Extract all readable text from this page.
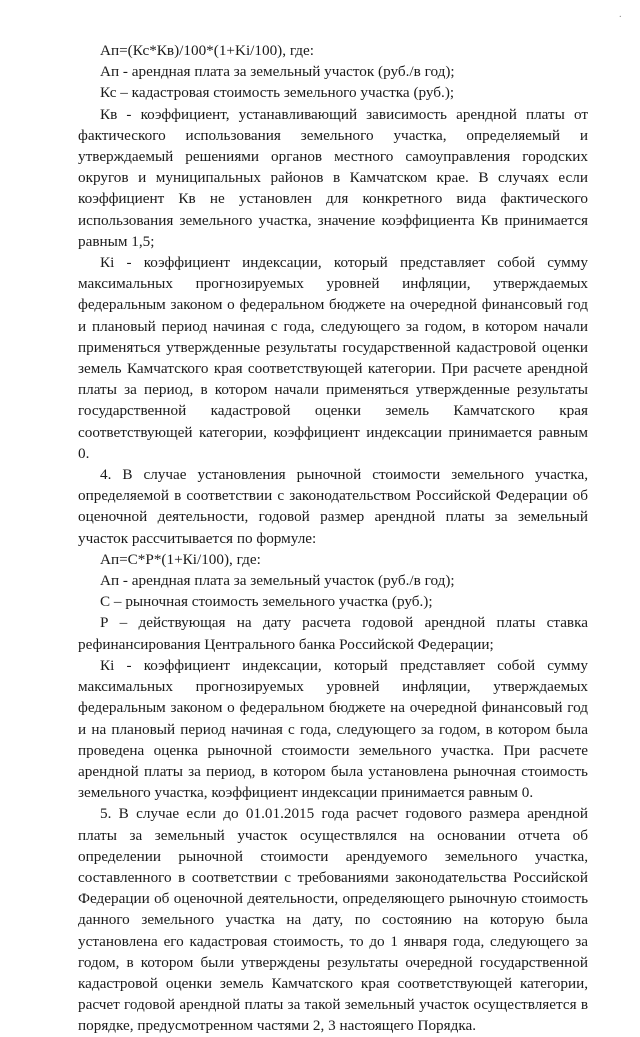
·

Ап=(Кс*Кв)/100*(1+Ki/100), где:

Ап - арендная плата за земельный участок (руб./в год);

Кс – кадастровая стоимость земельного участка (руб.);

Кв - коэффициент, устанавливающий зависимость арендной платы от фактического использования земельного участка, определяемый и утверждаемый решениями органов местного самоуправления городских округов и муниципальных районов в Камчатском крае. В случаях если коэффициент Кв не установлен для конкретного вида фактического использования земельного участка, значение коэффициента Кв принимается равным 1,5;

Кi - коэффициент индексации, который представляет собой сумму максимальных прогнозируемых уровней инфляции, утверждаемых федеральным законом о федеральном бюджете на очередной финансовый год и плановый период начиная с года, следующего за годом, в котором начали применяться утвержденные результаты государственной кадастровой оценки земель Камчатского края соответствующей категории. При расчете арендной платы за период, в котором начали применяться утвержденные результаты государственной кадастровой оценки земель Камчатского края соответствующей категории, коэффициент индексации принимается равным 0.

4. В случае установления рыночной стоимости земельного участка, определяемой в соответствии с законодательством Российской Федерации об оценочной деятельности, годовой размер арендной платы за земельный участок рассчитывается по формуле:

Ап=С*Р*(1+Кi/100), где:

Ап - арендная плата за земельный участок (руб./в год);

С – рыночная стоимость земельного участка (руб.);

Р – действующая на дату расчета годовой арендной платы ставка рефинансирования Центрального банка Российской Федерации;

Кi - коэффициент индексации, который представляет собой сумму максимальных прогнозируемых уровней инфляции, утверждаемых федеральным законом о федеральном бюджете на очередной финансовый год и на плановый период начиная с года, следующего за годом, в котором была проведена оценка рыночной стоимости земельного участка. При расчете арендной платы за период, в котором была установлена рыночная стоимость земельного участка, коэффициент индексации принимается равным 0.

5. В случае если до 01.01.2015 года расчет годового размера арендной платы за земельный участок осуществлялся на основании отчета об определении рыночной стоимости арендуемого земельного участка, составленного в соответствии с требованиями законодательства Российской Федерации об оценочной деятельности, определяющего рыночную стоимость данного земельного участка на дату, по состоянию на которую была установлена его кадастровая стоимость, то до 1 января года, следующего за годом, в котором были утверждены результаты очередной государственной кадастровой оценки земель Камчатского края соответствующей категории, расчет годовой арендной платы за такой земельный участок осуществляется в порядке, предусмотренном частями 2, 3 настоящего Порядка.
